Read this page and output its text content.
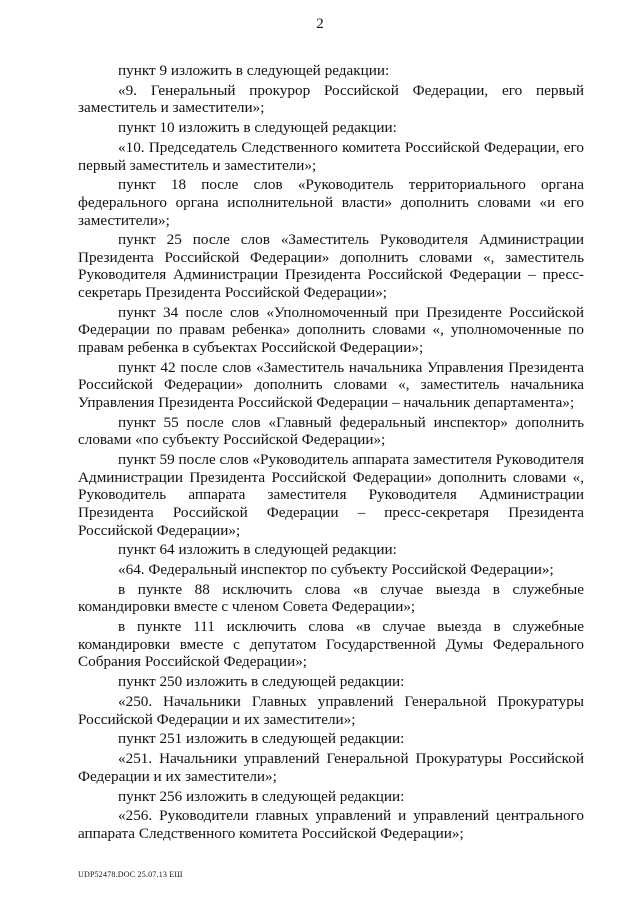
2

пункт 9 изложить в следующей редакции:

«9. Генеральный прокурор Российской Федерации, его первый заместитель и заместители»;

пункт 10 изложить в следующей редакции:

«10. Председатель Следственного комитета Российской Федерации, его первый заместитель и заместители»;

пункт 18 после слов «Руководитель территориального органа федерального органа исполнительной власти» дополнить словами «и его заместители»;

пункт 25 после слов «Заместитель Руководителя Администрации Президента Российской Федерации» дополнить словами «, заместитель Руководителя Администрации Президента Российской Федерации – пресс-секретарь Президента Российской Федерации»;

пункт 34 после слов «Уполномоченный при Президенте Российской Федерации по правам ребенка» дополнить словами «, уполномоченные по правам ребенка в субъектах Российской Федерации»;

пункт 42 после слов «Заместитель начальника Управления Президента Российской Федерации» дополнить словами «, заместитель начальника Управления Президента Российской Федерации – начальник департамента»;

пункт 55 после слов «Главный федеральный инспектор» дополнить словами «по субъекту Российской Федерации»;

пункт 59 после слов «Руководитель аппарата заместителя Руководителя Администрации Президента Российской Федерации» дополнить словами «, Руководитель аппарата заместителя Руководителя Администрации Президента Российской Федерации – пресс-секретаря Президента Российской Федерации»;

пункт 64 изложить в следующей редакции:

«64. Федеральный инспектор по субъекту Российской Федерации»;

в пункте 88 исключить слова «в случае выезда в служебные командировки вместе с членом Совета Федерации»;

в пункте 111 исключить слова «в случае выезда в служебные командировки вместе с депутатом Государственной Думы Федерального Собрания Российской Федерации»;

пункт 250 изложить в следующей редакции:

«250. Начальники Главных управлений Генеральной Прокуратуры Российской Федерации и их заместители»;

пункт 251 изложить в следующей редакции:

«251. Начальники управлений Генеральной Прокуратуры Российской Федерации и их заместители»;

пункт 256 изложить в следующей редакции:

«256. Руководители главных управлений и управлений центрального аппарата Следственного комитета Российской Федерации»;

UDP52478.DOC 25.07.13 ЕШ
